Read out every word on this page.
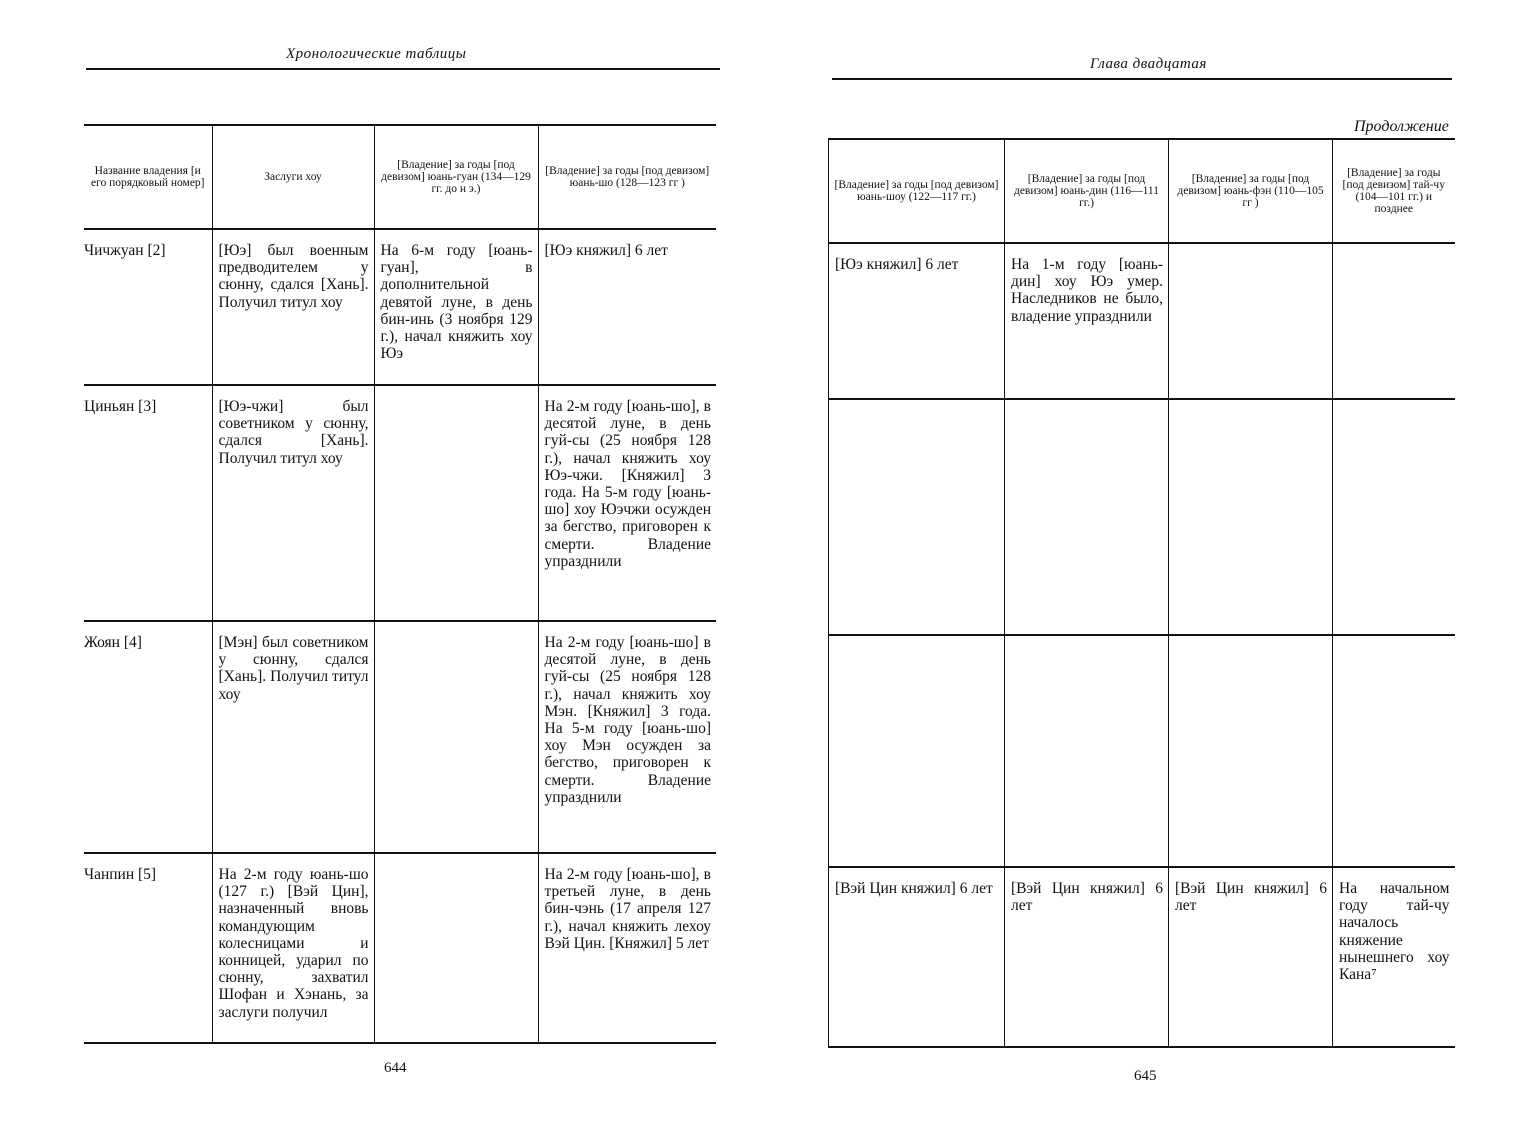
Хронологические таблицы
Название владения [и его порядковый номер]	Заслуги хоу	[Владение] за годы [под девизом] юань-гуан (134—129 гг. до н э.)	[Владение] за годы [под девизом] юань-шо (128—123 гг )
Чичжуан [2]	[Юэ] был военным предводителем у сюнну, сдался [Хань]. Получил титул хоу	На 6-м году [юань-гуан], в дополнительной девятой луне, в день бин-инь (3 ноября 129 г.), начал княжить хоу Юэ	[Юэ княжил] 6 лет
Циньян [3]	[Юэ-чжи] был советником у сюнну, сдался [Хань]. Получил титул хоу		На 2-м году [юань-шо], в десятой луне, в день гуй-сы (25 ноября 128 г.), начал княжить хоу Юэ-чжи. [Княжил] 3 года. На 5-м году [юань-шо] хоу Юэчжи осужден за бегство, приговорен к смерти. Владение упразднили
Жоян [4]	[Мэн] был советником у сюнну, сдался [Хань]. Получил титул хоу		На 2-м году [юань-шо] в десятой луне, в день гуй-сы (25 ноября 128 г.), начал княжить хоу Мэн. [Княжил] 3 года. На 5-м году [юань-шо] хоу Мэн осужден за бегство, приговорен к смерти. Владение упразднили
Чанпин [5]	На 2-м году юань-шо (127 г.) [Вэй Цин], назначенный вновь командующим колесницами и конницей, ударил по сюнну, захватил Шофан и Хэнань, за заслуги получил		На 2-м году [юань-шо], в третьей луне, в день бин-чэнь (17 апреля 127 г.), начал княжить лехоу Вэй Цин. [Княжил] 5 лет
644
Глава двадцатая
Продолжение
[Владение] за годы [под девизом] юань-шоу (122—117 гг.)	[Владение] за годы [под девизом] юань-дин (116—111 гг.)	[Владение] за годы [под девизом] юань-фэн (110—105 гг )	[Владение] за годы [под девизом] тай-чу (104—101 гг.) и позднее
[Юэ княжил] 6 лет	На 1-м году [юань-дин] хоу Юэ умер. Наследников не было, владение упразднили		

[Вэй Цин княжил] 6 лет	[Вэй Цин княжил] 6 лет	[Вэй Цин княжил] 6 лет	На начальном году тай-чу началось княжение нынешнего хоу Кана⁷
645
